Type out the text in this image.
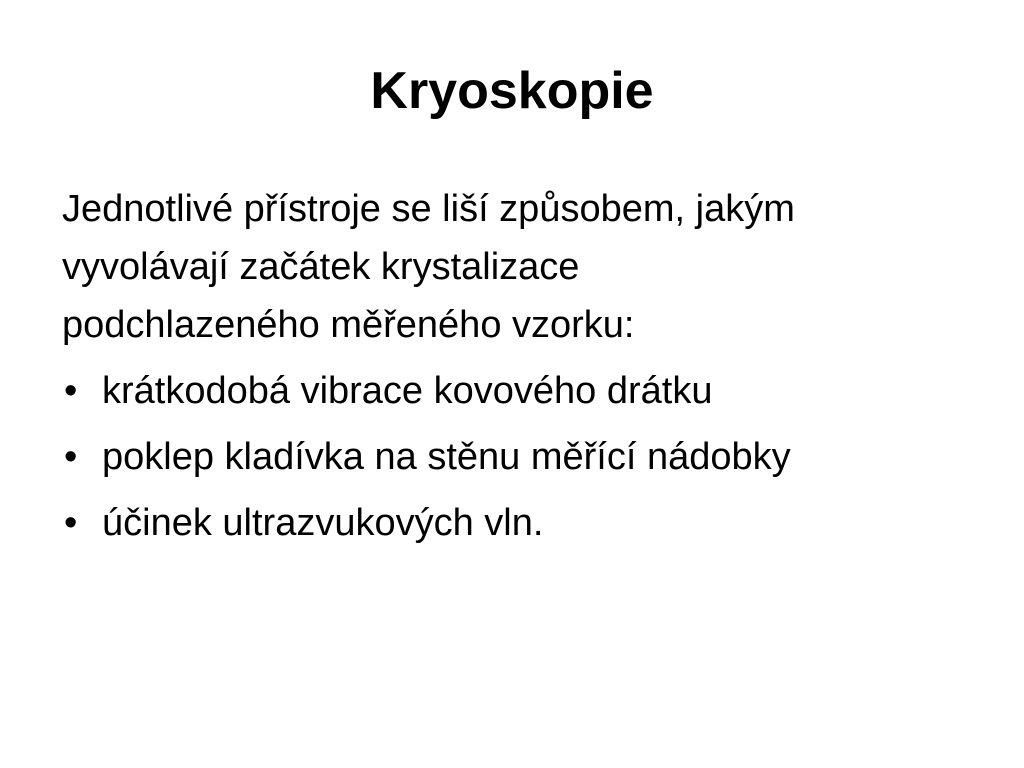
Kryoskopie

Jednotlivé přístroje se liší způsobem, jakým
vyvolávají začátek krystalizace
podchlazeného měřeného vzorku:

• krátkodobá vibrace kovového drátku
• poklep kladívka na stěnu měřící nádobky
• účinek ultrazvukových vln.
